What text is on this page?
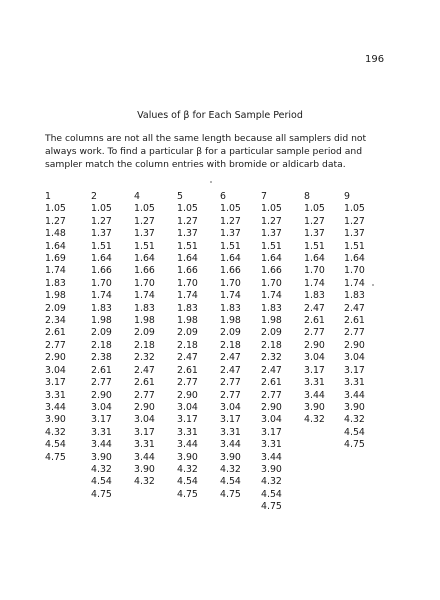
196
Values of β for Each Sample Period

The columns are not all the same length because all samplers did not

always work. To find a particular β for a particular sample period and

sampler match the column entries with bromide or aldicarb data.

1
1.05
1.27
1.48
1.64
1.69
1.74
1.83
1.98
2.09
2.34
2.61
2.77
2.90
3.04
3.17
3.31
3.44
3.90
4.32
4.54
4.75
2
1.05
1.27
1.37
1.51
1.64
1.66
1.70
1.74
1.83
1.98
2.09
2.18
2.38
2.61
2.77
2.90
3.04
3.17
3.31
3.44
3.90
4.32
4.54
4.75
4
1.05
1.27
1.37
1.51
1.64
1.66
1.70
1.74
1.83
1.98
2.09
2.18
2.32
2.47
2.61
2.77
2.90
3.04
3.17
3.31
3.44
3.90
4.32
5
1.05
1.27
1.37
1.51
1.64
1.66
1.70
1.74
1.83
1.98
2.09
2.18
2.47
2.61
2.77
2.90
3.04
3.17
3.31
3.44
3.90
4.32
4.54
4.75
6
1.05
1.27
1.37
1.51
1.64
1.66
1.70
1.74
1.83
1.98
2.09
2.18
2.47
2.47
2.77
2.77
3.04
3.17
3.31
3.44
3.90
4.32
4.54
4.75
7
1.05
1.27
1.37
1.51
1.64
1.66
1.70
1.74
1.83
1.98
2.09
2.18
2.32
2.47
2.61
2.77
2.90
3.04
3.17
3.31
3.44
3.90
4.32
4.54
4.75
8
1.05
1.27
1.37
1.51
1.64
1.70
1.74
1.83
2.47
2.61
2.77
2.90
3.04
3.17
3.31
3.44
3.90
4.32
9
1.05
1.27
1.37
1.51
1.64
1.70
1.74
1.83
2.47
2.61
2.77
2.90
3.04
3.17
3.31
3.44
3.90
4.32
4.54
4.75
